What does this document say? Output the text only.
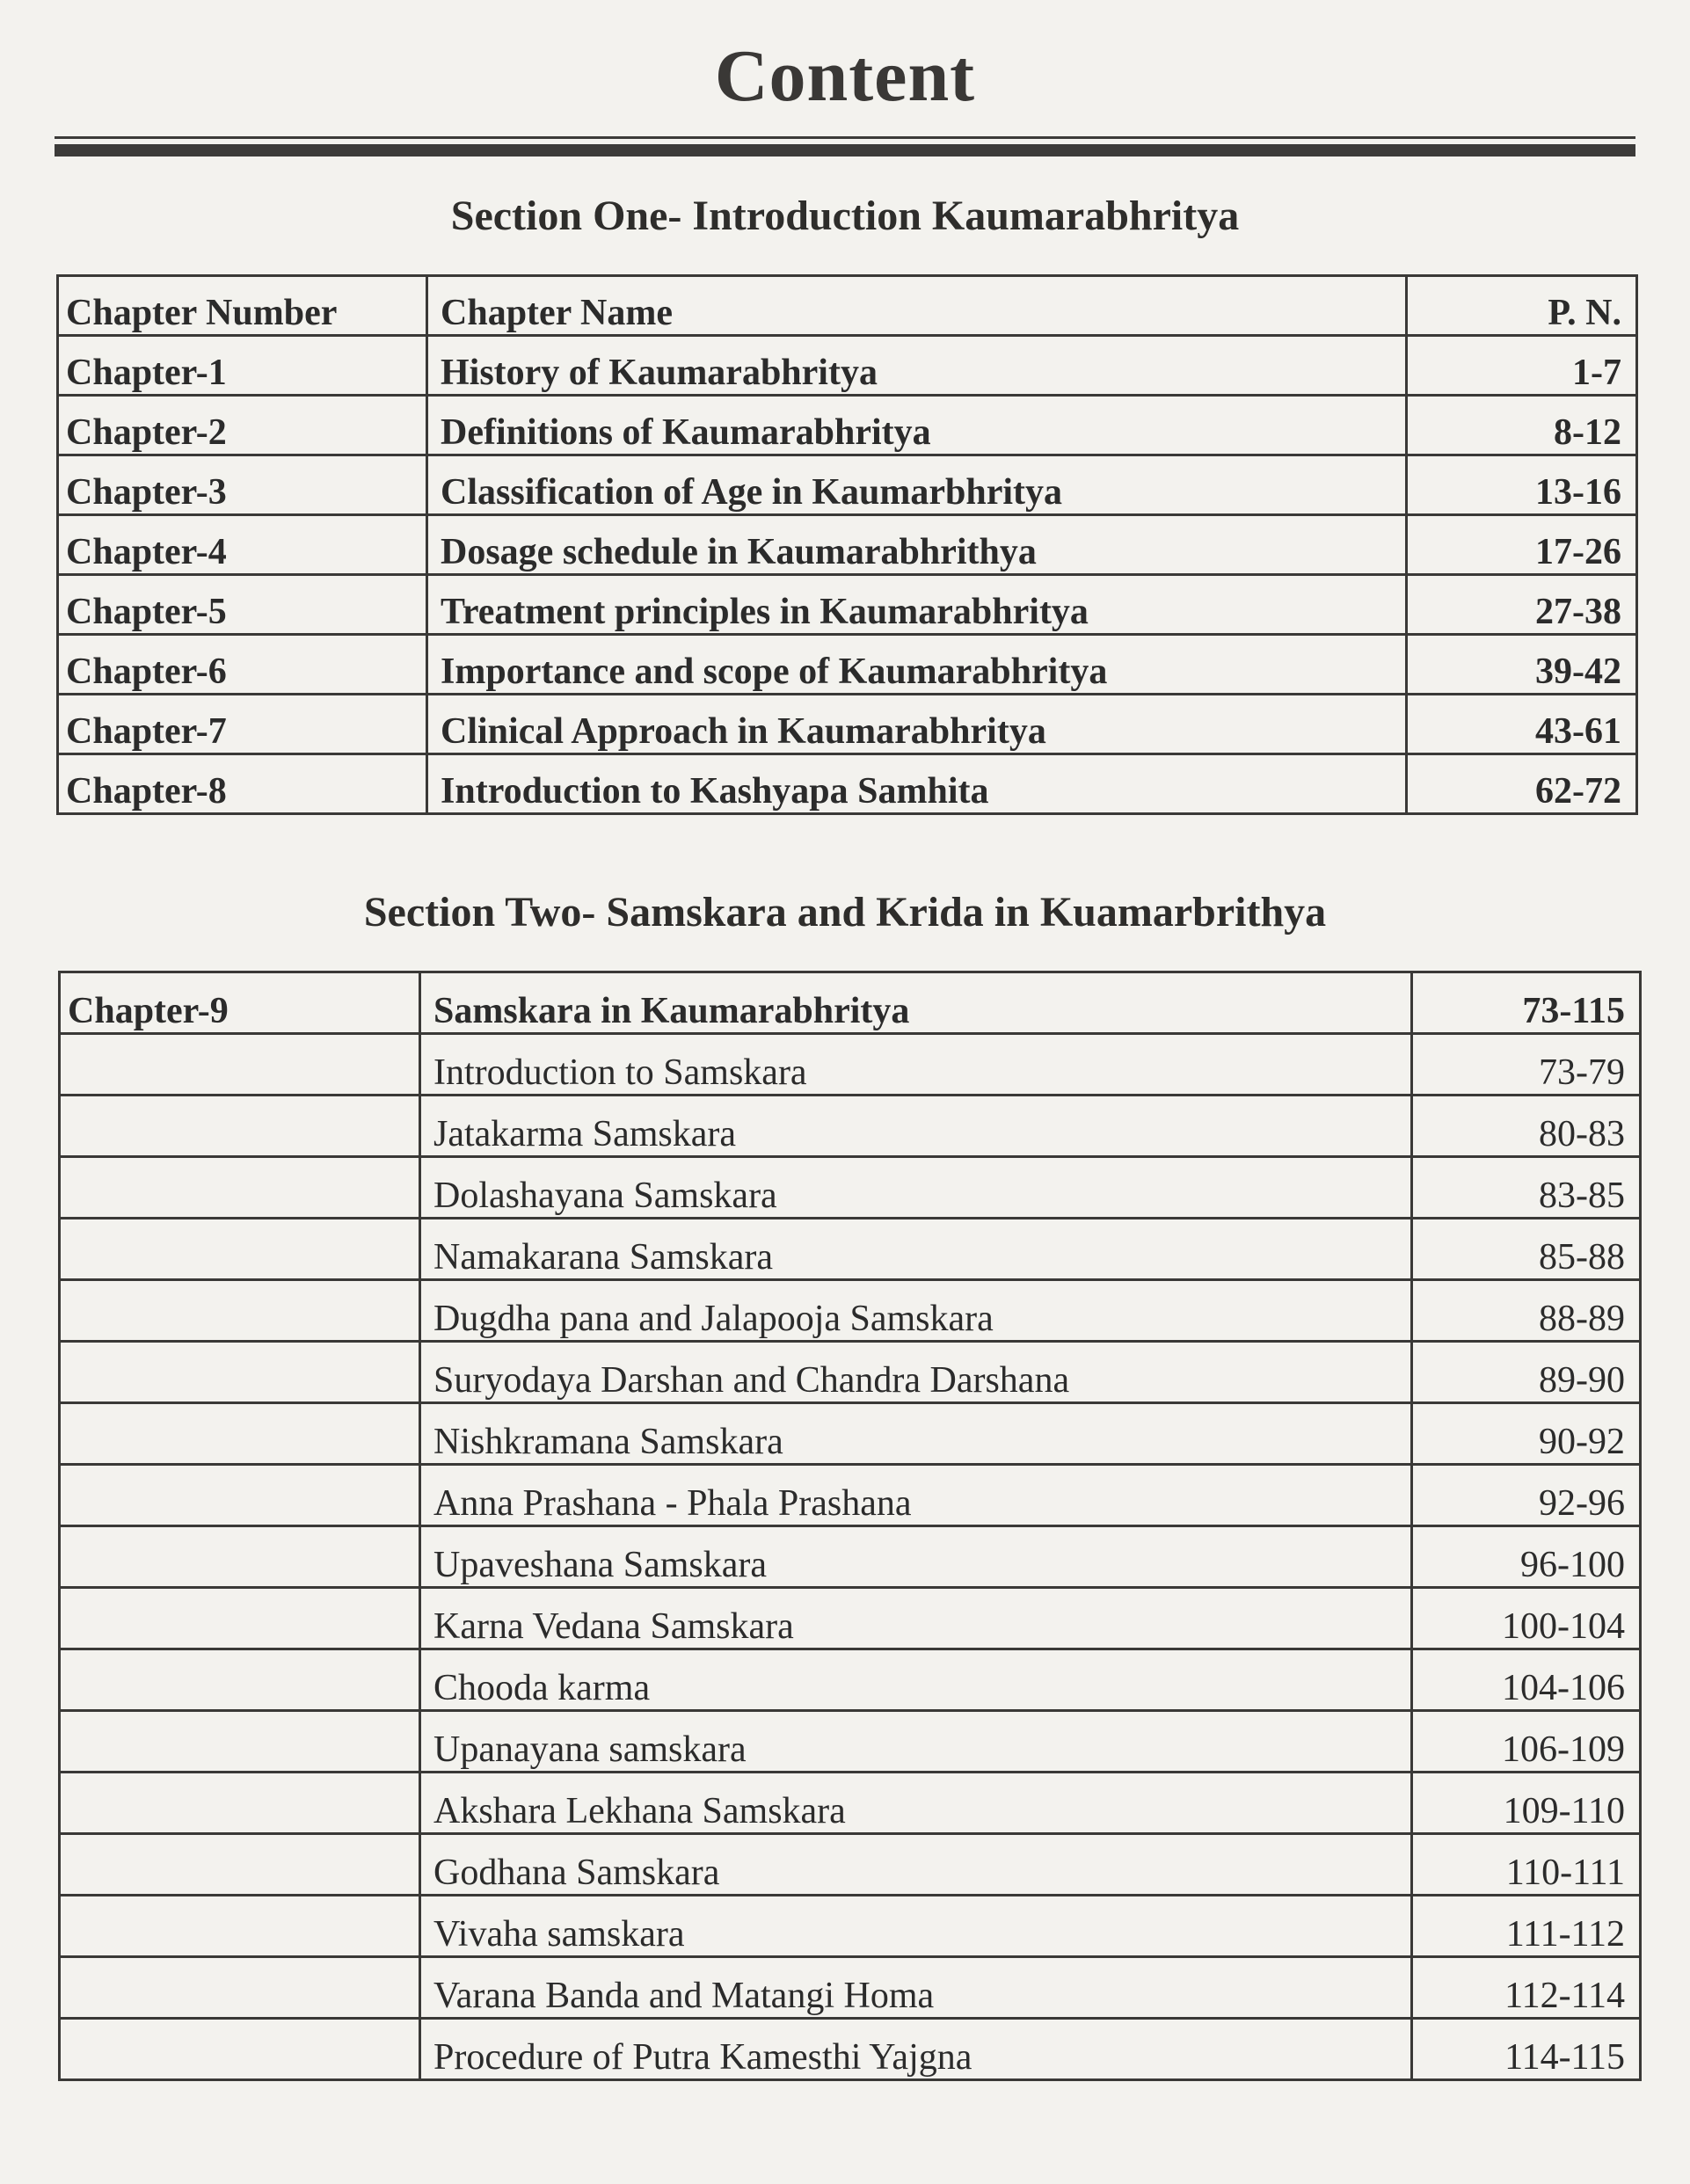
Content
Section One- Introduction Kaumarabhritya
Chapter Number	Chapter Name	P. N.
Chapter-1	History of Kaumarabhritya	1-7
Chapter-2	Definitions of Kaumarabhritya	8-12
Chapter-3	Classification of Age in Kaumarbhritya	13-16
Chapter-4	Dosage schedule in Kaumarabhrithya	17-26
Chapter-5	Treatment principles in Kaumarabhritya	27-38
Chapter-6	Importance and scope of Kaumarabhritya	39-42
Chapter-7	Clinical Approach in Kaumarabhritya	43-61
Chapter-8	Introduction to Kashyapa Samhita	62-72
Section Two- Samskara and Krida in Kuamarbrithya
Chapter-9	Samskara in Kaumarabhritya	73-115
	Introduction to Samskara	73-79
	Jatakarma Samskara	80-83
	Dolashayana Samskara	83-85
	Namakarana Samskara	85-88
	Dugdha pana and Jalapooja Samskara	88-89
	Suryodaya Darshan and Chandra Darshana	89-90
	Nishkramana Samskara	90-92
	Anna Prashana - Phala Prashana	92-96
	Upaveshana Samskara	96-100
	Karna Vedana Samskara	100-104
	Chooda karma	104-106
	Upanayana samskara	106-109
	Akshara Lekhana Samskara	109-110
	Godhana Samskara	110-111
	Vivaha samskara	111-112
	Varana Banda and Matangi Homa	112-114
	Procedure of Putra Kamesthi Yajgna	114-115
